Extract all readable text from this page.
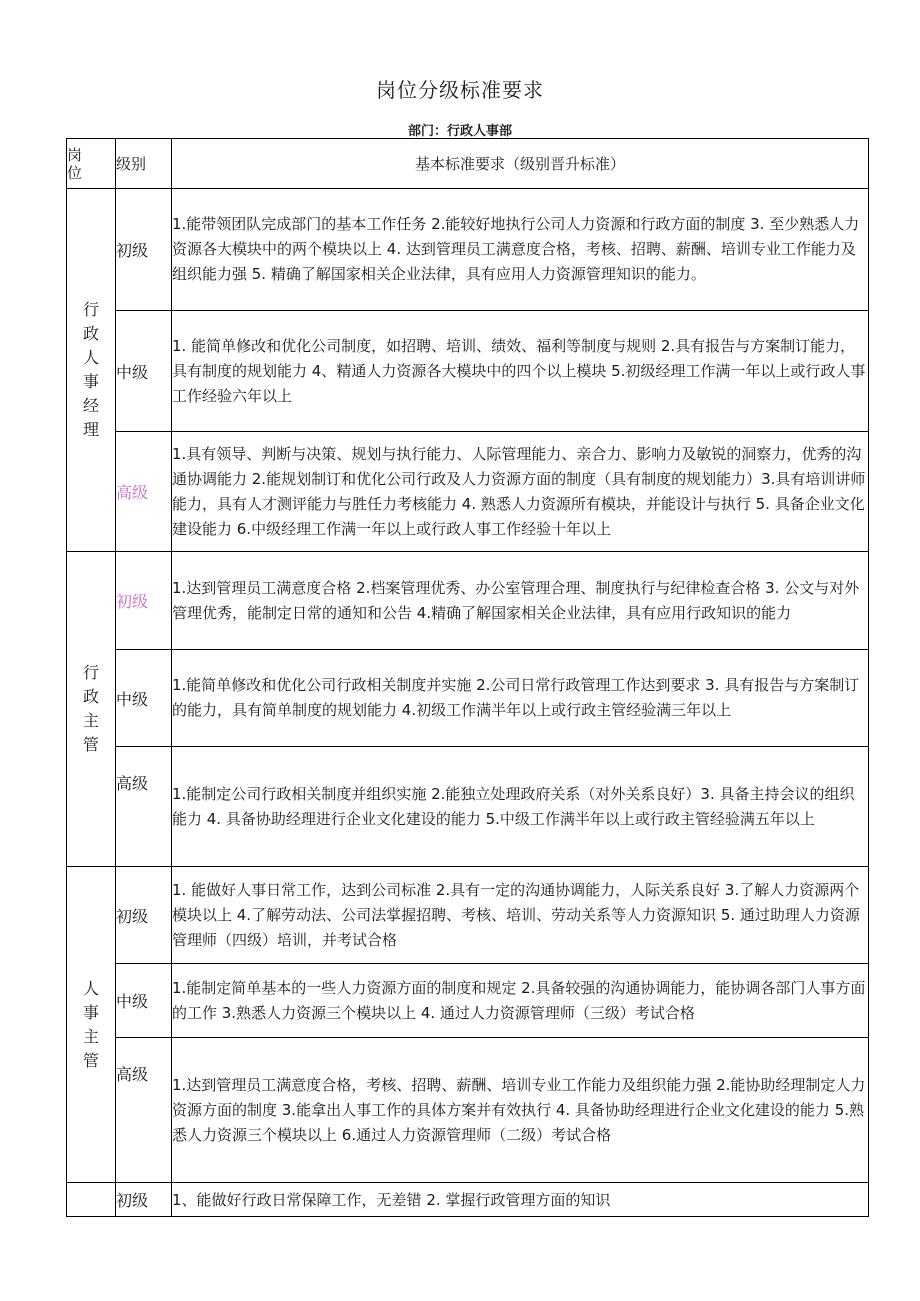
岗位分级标准要求
部门：行政人事部
岗位	级别	基本标准要求（级别晋升标准）

行政人事经理	初级	1.能带领团队完成部门的基本工作任务 2.能较好地执行公司人力资源和行政方面的制度 3. 至少熟悉人力资源各大模块中的两个模块以上 4. 达到管理员工满意度合格，考核、招聘、薪酬、培训专业工作能力及组织能力强 5. 精确了解国家相关企业法律，具有应用人力资源管理知识的能力。
	中级	1. 能简单修改和优化公司制度，如招聘、培训、绩效、福利等制度与规则 2.具有报告与方案制订能力，具有制度的规划能力 4、精通人力资源各大模块中的四个以上模块 5.初级经理工作满一年以上或行政人事工作经验六年以上
	高级	1.具有领导、判断与决策、规划与执行能力、人际管理能力、亲合力、影响力及敏锐的洞察力，优秀的沟通协调能力 2.能规划制订和优化公司行政及人力资源方面的制度（具有制度的规划能力）3.具有培训讲师能力，具有人才测评能力与胜任力考核能力 4. 熟悉人力资源所有模块，并能设计与执行 5. 具备企业文化建设能力 6.中级经理工作满一年以上或行政人事工作经验十年以上

行政主管	初级	1.达到管理员工满意度合格 2.档案管理优秀、办公室管理合理、制度执行与纪律检查合格 3. 公文与对外管理优秀，能制定日常的通知和公告 4.精确了解国家相关企业法律，具有应用行政知识的能力
	中级	1.能简单修改和优化公司行政相关制度并实施 2.公司日常行政管理工作达到要求 3. 具有报告与方案制订的能力，具有简单制度的规划能力 4.初级工作满半年以上或行政主管经验满三年以上
	高级	1.能制定公司行政相关制度并组织实施 2.能独立处理政府关系（对外关系良好）3. 具备主持会议的组织能力 4. 具备协助经理进行企业文化建设的能力 5.中级工作满半年以上或行政主管经验满五年以上

人事主管	初级	1. 能做好人事日常工作，达到公司标准 2.具有一定的沟通协调能力，人际关系良好 3.了解人力资源两个模块以上 4.了解劳动法、公司法掌握招聘、考核、培训、劳动关系等人力资源知识 5. 通过助理人力资源管理师（四级）培训，并考试合格
	中级	1.能制定简单基本的一些人力资源方面的制度和规定 2.具备较强的沟通协调能力，能协调各部门人事方面的工作 3.熟悉人力资源三个模块以上 4. 通过人力资源管理师（三级）考试合格
	高级	1.达到管理员工满意度合格，考核、招聘、薪酬、培训专业工作能力及组织能力强 2.能协助经理制定人力资源方面的制度 3.能拿出人事工作的具体方案并有效执行 4. 具备协助经理进行企业文化建设的能力 5.熟悉人力资源三个模块以上 6.通过人力资源管理师（二级）考试合格
	初级	1、能做好行政日常保障工作，无差错 2. 掌握行政管理方面的知识
